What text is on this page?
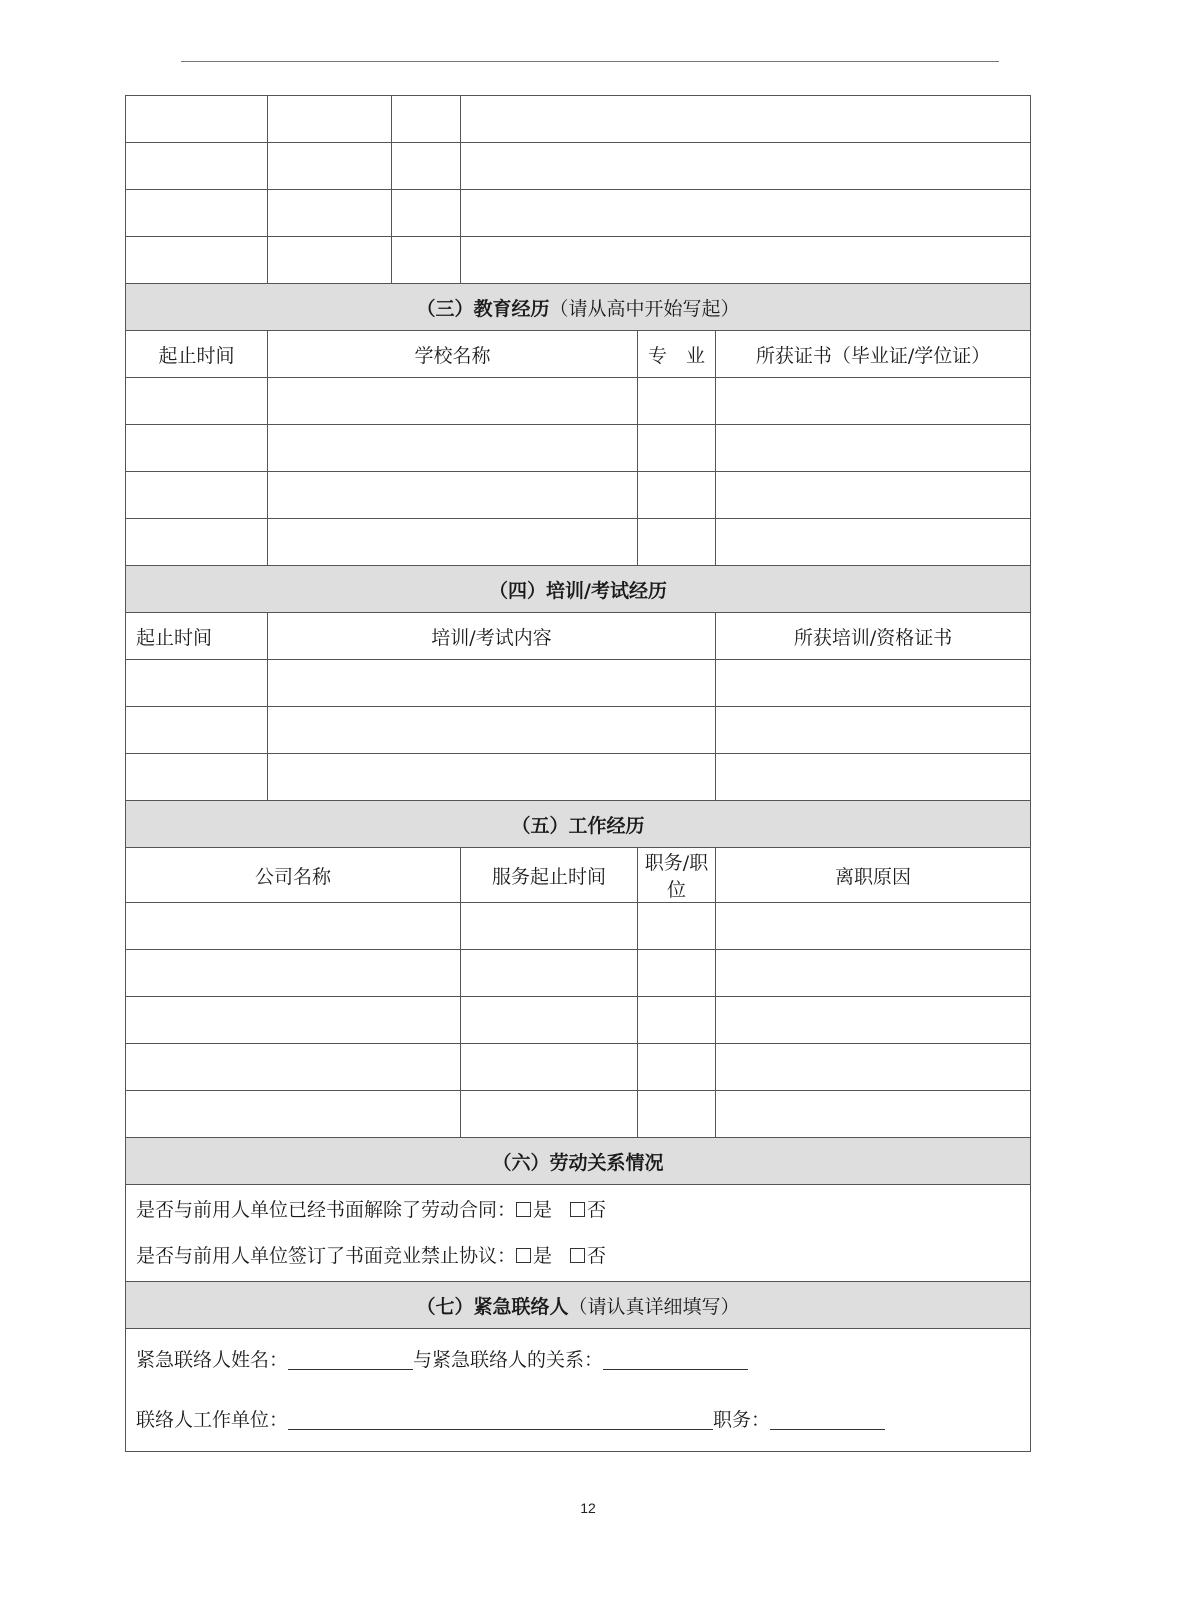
（三）教育经历（请从高中开始写起）					
起止时间	学校名称			专　业	所获证书（毕业证/学位证）

（四）培训/考试经历					
起止时间	培训/考试内容				所获培训/资格证书

（五）工作经历					
公司名称			服务起止时间	职务/职位	离职原因

（六）劳动关系情况					

是否与前用人单位已经书面解除了劳动合同： 是 否
是否与前用人单位签订了书面竞业禁止协议： 是 否					

（七）紧急联络人（请认真详细填写）					

紧急联络人姓名： 与紧急联络人的关系：
联络人工作单位： 职务：					
12
